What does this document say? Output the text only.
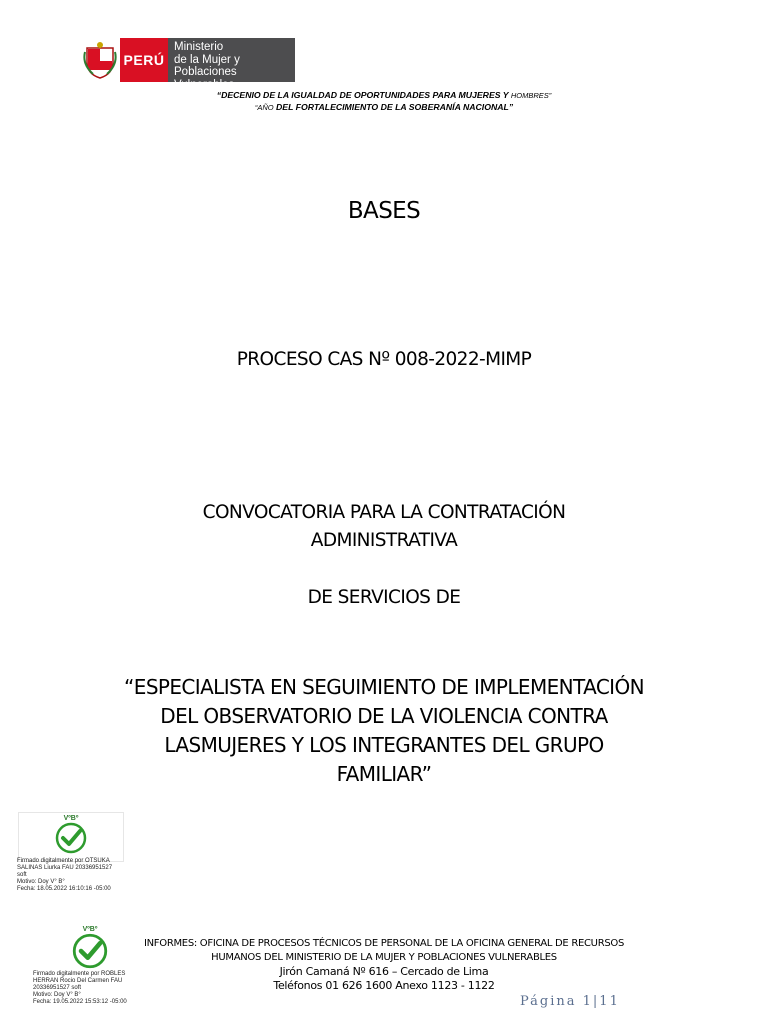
PERÚ
Ministerio
de la Mujer y
Poblaciones Vulnerables
“DECENIO DE LA IGUALDAD DE OPORTUNIDADES PARA MUJERES Y HOMBRES”
“AÑO DEL FORTALECIMIENTO DE LA SOBERANÍA NACIONAL”
BASES
PROCESO CAS Nº 008-2022-MIMP
CONVOCATORIA PARA LA CONTRATACIÓN
ADMINISTRATIVA
DE SERVICIOS DE
“ESPECIALISTA EN SEGUIMIENTO DE IMPLEMENTACIÓN
DEL OBSERVATORIO DE LA VIOLENCIA CONTRA
LASMUJERES Y LOS INTEGRANTES DEL GRUPO
FAMILIAR”
VºBº
Firmado digitalmente por OTSUKA
SALINAS Liurka FAU 20336951527
soft
Motivo: Doy V° B°
Fecha: 18.05.2022 16:10:16 -05:00
VºBº
Firmado digitalmente por ROBLES
HERRAN Rocio Del Carmen FAU
20336951527 soft
Motivo: Doy V° B°
Fecha: 19.05.2022 15:53:12 -05:00
INFORMES: OFICINA DE PROCESOS TÉCNICOS DE PERSONAL DE LA OFICINA GENERAL DE RECURSOS
HUMANOS DEL MINISTERIO DE LA MUJER Y POBLACIONES VULNERABLES
Jirón Camaná Nº 616 – Cercado de Lima
Teléfonos 01 626 1600 Anexo 1123 - 1122
Página 1|11
